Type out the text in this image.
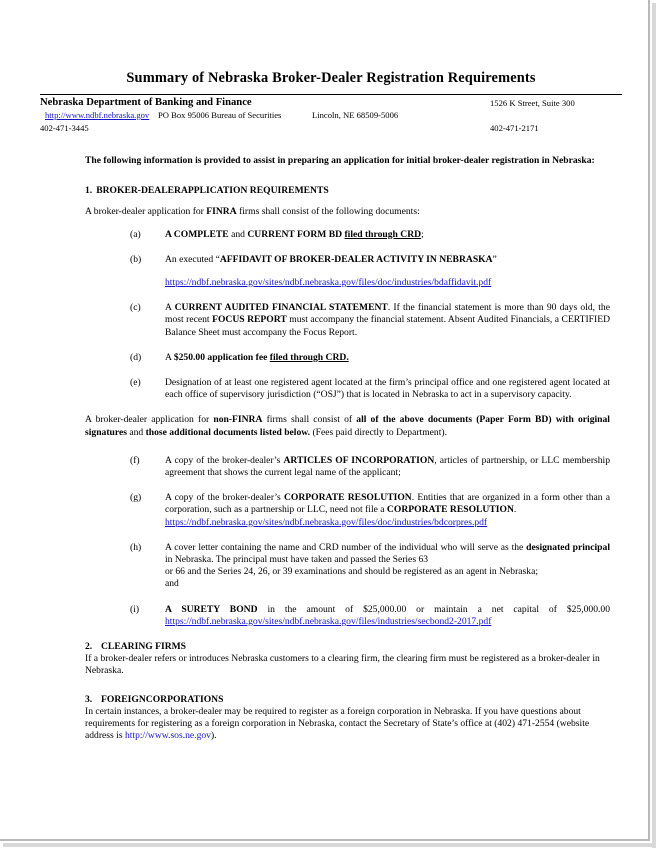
Summary of Nebraska Broker-Dealer Registration Requirements
Nebraska Department of Banking and Finance	1526 K Street, Suite 300
http://www.ndbf.nebraska.gov PO Box 95006 Bureau of Securities	Lincoln, NE 68509-5006
402-471-3445	402-471-2171

The following information is provided to assist in preparing an application for initial broker-dealer registration in Nebraska:

1. BROKER-DEALERAPPLICATION REQUIREMENTS

A broker-dealer application for FINRA firms shall consist of the following documents:

(a)	A COMPLETE and CURRENT FORM BD filed through CRD;
(b)	An executed “AFFIDAVIT OF BROKER-DEALER ACTIVITY IN NEBRASKA”
https://ndbf.nebraska.gov/sites/ndbf.nebraska.gov/files/doc/industries/bdaffidavit.pdf
(c)	A CURRENT AUDITED FINANCIAL STATEMENT. If the financial statement is more than 90 days old, the most recent FOCUS REPORT must accompany the financial statement. Absent Audited Financials, a CERTIFIED Balance Sheet must accompany the Focus Report.
(d)	A $250.00 application fee filed through CRD.
(e)	Designation of at least one registered agent located at the firm’s principal office and one registered agent located at each office of supervisory jurisdiction (“OSJ”) that is located in Nebraska to act in a supervisory capacity.

A broker-dealer application for non-FINRA firms shall consist of all of the above documents (Paper Form BD) with original signatures and those additional documents listed below. (Fees paid directly to Department).

(f)	A copy of the broker-dealer’s ARTICLES OF INCORPORATION, articles of partnership, or LLC membership agreement that shows the current legal name of the applicant;
(g)	A copy of the broker-dealer’s CORPORATE RESOLUTION. Entities that are organized in a form other than a corporation, such as a partnership or LLC, need not file a CORPORATE RESOLUTION.
https://ndbf.nebraska.gov/sites/ndbf.nebraska.gov/files/doc/industries/bdcorpres.pdf
(h)	A cover letter containing the name and CRD number of the individual who will serve as the designated principal in Nebraska. The principal must have taken and passed the Series 63
or 66 and the Series 24, 26, or 39 examinations and should be registered as an agent in Nebraska;
and
(i)	A SURETY BOND in the amount of $25,000.00 or maintain a net capital of $25,000.00
https://ndbf.nebraska.gov/sites/ndbf.nebraska.gov/files/industries/secbond2-2017.pdf

2. CLEARING FIRMS

If a broker-dealer refers or introduces Nebraska customers to a clearing firm, the clearing firm must be registered as a broker-dealer in Nebraska.

3. FOREIGNCORPORATIONS

In certain instances, a broker-dealer may be required to register as a foreign corporation in Nebraska. If you have questions about requirements for registering as a foreign corporation in Nebraska, contact the Secretary of State’s office at (402) 471-2554 (website address is http://www.sos.ne.gov).
